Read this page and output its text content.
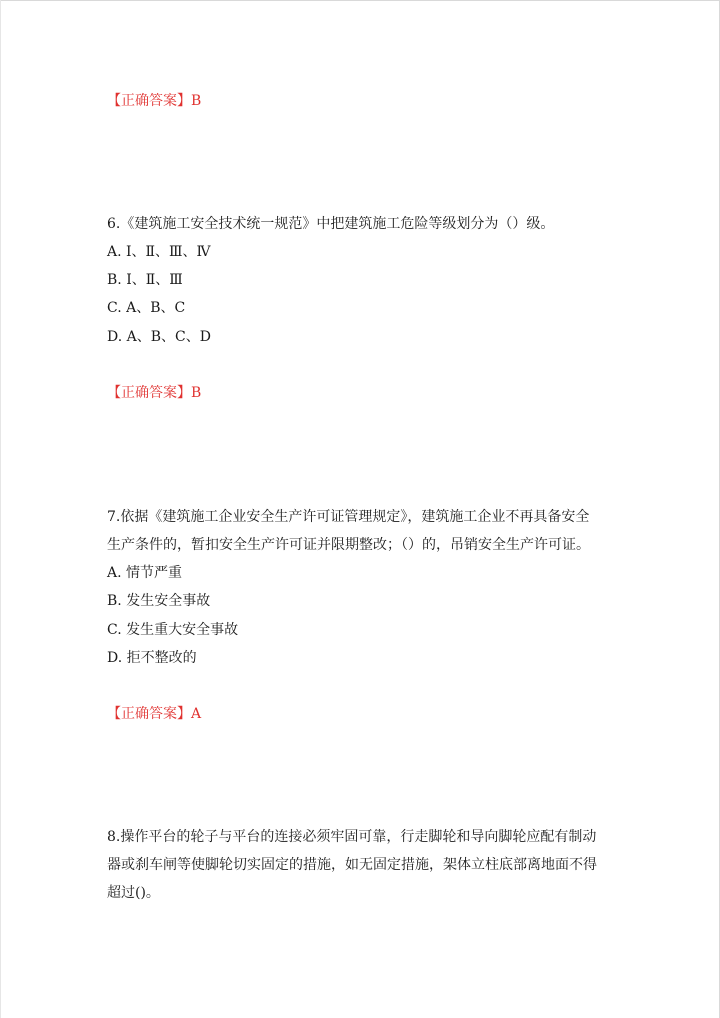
【正确答案】B
6.《建筑施工安全技术统一规范》中把建筑施工危险等级划分为（）级。
A. Ⅰ、Ⅱ、Ⅲ、Ⅳ
B. Ⅰ、Ⅱ、Ⅲ
C. A、B、C
D. A、B、C、D
【正确答案】B
7.依据《建筑施工企业安全生产许可证管理规定》，建筑施工企业不再具备安全
生产条件的，暂扣安全生产许可证并限期整改；（）的，吊销安全生产许可证。
A. 情节严重
B. 发生安全事故
C. 发生重大安全事故
D. 拒不整改的
【正确答案】A
8.操作平台的轮子与平台的连接必须牢固可靠，行走脚轮和导向脚轮应配有制动
器或刹车闸等使脚轮切实固定的措施，如无固定措施，架体立柱底部离地面不得
超过()。
